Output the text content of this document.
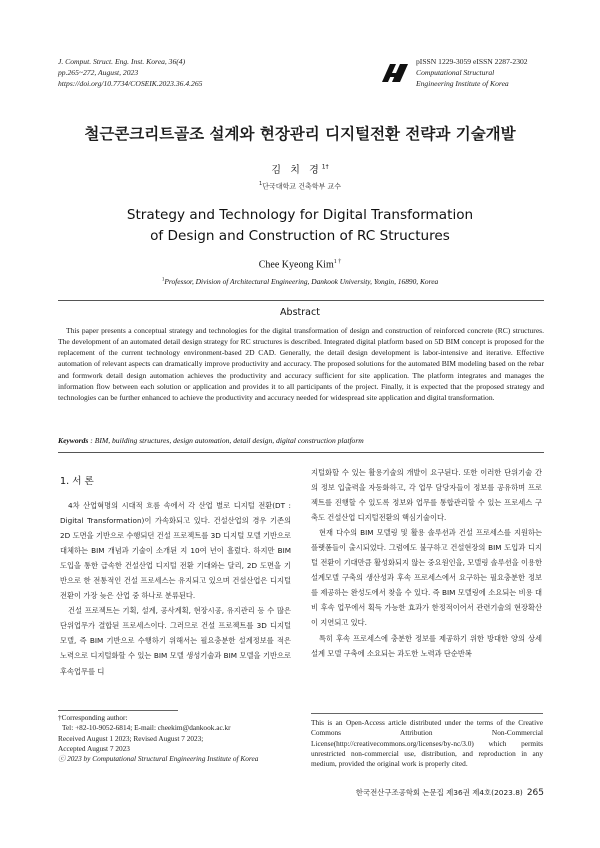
J. Comput. Struct. Eng. Inst. Korea, 36(4)
pp.265~272, August, 2023
https://doi.org/10.7734/COSEIK.2023.36.4.265
pISSN 1229-3059 eISSN 2287-2302
Computational Structural
Engineering Institute of Korea
철근콘크리트골조 설계와 현장관리 디지털전환 전략과 기술개발
김 치 경$^{1\dagger}$
$^1$단국대학교 건축학부 교수
Strategy and Technology for Digital Transformation
of Design and Construction of RC Structures
Chee Kyeong Kim$^{1 \dagger}$
$^1$Professor, Division of Architectural Engineering, Dankook University, Yongin, 16890, Korea
Abstract
This paper presents a conceptual strategy and technologies for the digital transformation of design and construction of reinforced concrete (RC) structures. The development of an automated detail design strategy for RC structures is described. Integrated digital platform based on 5D BIM concept is proposed for the replacement of the current technology environment-based 2D CAD. Generally, the detail design development is labor-intensive and iterative. Effective automation of relevant aspects can dramatically improve productivity and accuracy. The proposed solutions for the automated BIM modeling based on the rebar and formwork detail design automation achieves the productivity and accuracy sufficient for site application. The platform integrates and manages the information flow between each solution or application and provides it to all participants of the project. Finally, it is expected that the proposed strategy and technologies can be further enhanced to achieve the productivity and accuracy needed for widespread site application and digital transformation.
Keywords : BIM, building structures, design automation, detail design, digital construction platform
1. 서 론

4차 산업혁명의 시대적 흐름 속에서 각 산업 별로 디지털 전환(DT : Digital Transformation)이 가속화되고 있다. 건설산업의 경우 기존의 2D 도면을 기반으로 수행되던 건설 프로젝트를 3D 디지털 모델 기반으로 대체하는 BIM 개념과 기술이 소개된 지 10여 년이 흘렀다. 하지만 BIM 도입을 통한 급속한 건설산업 디지털 전환 기대와는 달리, 2D 도면을 기반으로 한 전통적인 건설 프로세스는 유지되고 있으며 건설산업은 디지털 전환이 가장 늦은 산업 중 하나로 분류된다.

건설 프로젝트는 기획, 설계, 공사계획, 현장시공, 유지관리 등 수 많은 단위업무가 결합된 프로세스이다. 그러므로 건설 프로젝트를 3D 디지털 모델, 즉 BIM 기반으로 수행하기 위해서는 필요충분한 설계정보를 적은 노력으로 디지털화할 수 있는 BIM 모델 생성기술과 BIM 모델을 기반으로 후속업무를 디

지털화할 수 있는 활용기술의 개발이 요구된다. 또한 이러한 단위기술 간의 정보 입출력을 자동화하고, 각 업무 담당자들이 정보를 공유하며 프로젝트를 진행할 수 있도록 정보와 업무를 통합관리할 수 있는 프로세스 구축도 건설산업 디지털전환의 핵심기술이다.

현재 다수의 BIM 모델링 및 활용 솔루션과 건설 프로세스를 지원하는 플랫폼들이 출시되었다. 그럼에도 불구하고 건설현장의 BIM 도입과 디지털 전환이 기대만큼 활성화되지 않는 중요원인을, 모델링 솔루션을 이용한 설계모델 구축의 생산성과 후속 프로세스에서 요구하는 필요충분한 정보를 제공하는 완성도에서 찾을 수 있다. 즉 BIM 모델링에 소요되는 비용 대비 후속 업무에서 획득 가능한 효과가 한정적이어서 관련기술의 현장확산이 지연되고 있다.

특히 후속 프로세스에 충분한 정보를 제공하기 위한 방대한 양의 상세설계 모델 구축에 소요되는 과도한 노력과 단순반복

†Corresponding author:
Tel: +82-10-9052-6814; E-mail: cheekim@dankook.ac.kr
Received August 1 2023; Revised August 7 2023;
Accepted August 7 2023
ⓒ 2023 by Computational Structural Engineering Institute of Korea
This is an Open-Access article distributed under the terms of the Creative Commons Attribution Non-Commercial License(http://creativecommons.org/licenses/by-nc/3.0) which permits unrestricted non-commercial use, distribution, and reproduction in any medium, provided the original work is properly cited.
한국전산구조공학회 논문집 제36권 제4호(2023.8) 265
